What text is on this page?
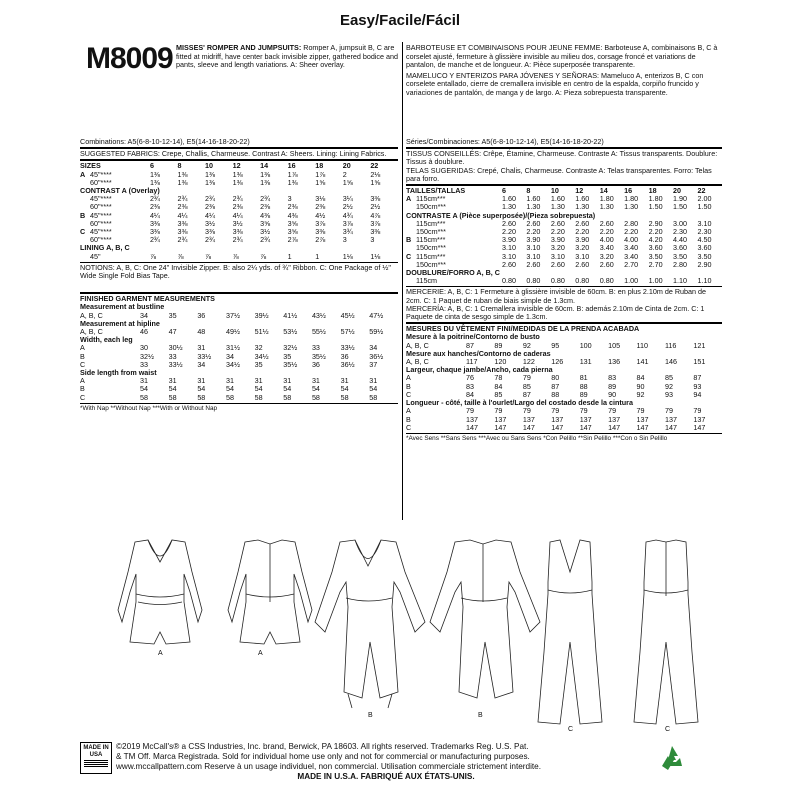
Easy/Facile/Fácil
M8009 MISSES' ROMPER AND JUMPSUITS: Romper A, jumpsuit B, C are fitted at midriff, have center back invisible zipper, gathered bodice and pants, sleeve and length variations. A: Sheer overlay.
BARBOTEUSE ET COMBINAISONS POUR JEUNE FEMME: Barboteuse A, combinaisons B, C à corselet ajusté, fermeture à glissière invisible au milieu dos, corsage froncé et variations de pantalon, de manche et de longueur. A: Pièce superposée transparente.
MAMELUCO Y ENTERIZOS PARA JÓVENES Y SEÑORAS: Mameluco A, enterizos B, C con corselete entallado, cierre de cremallera invisible en centro de la espalda, corpiño fruncido y variaciones de pantalón, de manga y de largo. A: Pieza sobrepuesta transparente.
Combinations: A5(6-8-10-12-14), E5(14-16-18-20-22)
SUGGESTED FABRICS: Crepe, Challis, Charmeuse. Contrast A: Sheers. Lining: Lining Fabrics.
SIZES		6	8	10	12	14	16	18	20	22
A	45"****	1⅜	1⅜	1⅜	1⅜	1⅜	1⅞	1⅞	2	2⅛
	60"****	1⅜	1⅜	1⅜	1⅜	1⅜	1⅜	1⅝	1⅝	1⅝
CONTRAST A (Overlay)										
	45"****	2¾	2¾	2¾	2¾	2¾	3	3⅛	3¼	3⅜
	60"****	2⅜	2⅜	2⅜	2⅜	2⅜	2⅜	2⅜	2½	2½
B	45"****	4¼	4¼	4¼	4¼	4⅜	4⅜	4½	4¾	4⅞
	60"****	3⅜	3⅜	3½	3½	3⅝	3⅝	3⅞	3⅞	3⅞
C	45"****	3⅜	3⅜	3⅜	3⅜	3½	3⅝	3⅜	3¾	3⅜
	60"****	2¾	2¾	2¾	2¾	2¾	2⅞	2⅞	3	3
LINING A, B, C										
	45"	⅞	⅞	⅞	⅞	⅞	1	1	1⅛	1⅛
NOTIONS: A, B, C: One 24" Invisible Zipper. B: also 2¼ yds. of ¾" Ribbon. C: One Package of ½" Wide Single Fold Bias Tape.
FINISHED GARMENT MEASUREMENTS
Measurement at bustline									
A, B, C	34	35	36	37½	39½	41½	43½	45½	47½
Measurement at hipline									
A, B, C	46	47	48	49½	51½	53½	55½	57½	59½
Width, each leg									
A	30	30½	31	31½	32	32½	33	33½	34
B	32½	33	33½	34	34½	35	35½	36	36½
C	33	33½	34	34½	35	35½	36	36½	37
Side length from waist									
A	31	31	31	31	31	31	31	31	31
B	54	54	54	54	54	54	54	54	54
C	58	58	58	58	58	58	58	58	58
*With Nap **Without Nap ***With or Without Nap
Séries/Combinaciones: A5(6-8-10-12-14), E5(14-16-18-20-22)
TISSUS CONSEILLÉS: Crêpe, Étamine, Charmeuse. Contraste A: Tissus transparents. Doublure: Tissus à doublure.
TELAS SUGERIDAS: Crepé, Chalis, Charmeuse. Contraste A: Telas transparentes. Forro: Telas para forro.
TAILLES/TALLAS		6	8	10	12	14	16	18	20	22
A	115cm***	1.60	1.60	1.60	1.60	1.80	1.80	1.80	1.90	2.00
	150cm***	1.30	1.30	1.30	1.30	1.30	1.30	1.50	1.50	1.50
CONTRASTE A (Pièce superposée)/(Pieza sobrepuesta)										
	115cm***	2.60	2.60	2.60	2.60	2.60	2.80	2.90	3.00	3.10
	150cm***	2.20	2.20	2.20	2.20	2.20	2.20	2.20	2.30	2.30
B	115cm***	3.90	3.90	3.90	3.90	4.00	4.00	4.20	4.40	4.50
	150cm***	3.10	3.10	3.20	3.20	3.40	3.40	3.60	3.60	3.60
C	115cm***	3.10	3.10	3.10	3.10	3.20	3.40	3.50	3.50	3.50
	150cm***	2.60	2.60	2.60	2.60	2.60	2.70	2.70	2.80	2.90
DOUBLURE/FORRO A, B, C										
	115cm	0.80	0.80	0.80	0.80	0.80	1.00	1.00	1.10	1.10
MERCERIE: A, B, C: 1 Fermeture à glissière invisible de 60cm. B: en plus 2.10m de Ruban de 2cm. C: 1 Paquet de ruban de biais simple de 1.3cm.
MERCERÍA: A, B, C: 1 Cremallera invisible de 60cm. B: además 2.10m de Cinta de 2cm. C: 1 Paquete de cinta de sesgo simple de 1.3cm.
MESURES DU VÊTEMENT FINI/MEDIDAS DE LA PRENDA ACABADA
Mesure à la poitrine/Contorno de busto									
A, B, C	87	89	92	95	100	105	110	116	121
Mesure aux hanches/Contorno de caderas									
A, B, C	117	120	122	126	131	136	141	146	151
Largeur, chaque jambe/Ancho, cada pierna									
A	76	78	79	80	81	83	84	85	87
B	83	84	85	87	88	89	90	92	93
C	84	85	87	88	89	90	92	93	94
Longueur - côté, taille à l'ourlet/Largo del costado desde la cintura									
A	79	79	79	79	79	79	79	79	79
B	137	137	137	137	137	137	137	137	137
C	147	147	147	147	147	147	147	147	147
*Avec Sens **Sans Sens ***Avec ou Sans Sens *Con Pelillo **Sin Pelillo ***Con o Sin Pelillo
A	A
B	B
C	C
MADE IN USA
©2019 McCall's® a CSS Industries, Inc. brand, Berwick, PA 18603. All rights reserved. Trademarks Reg. U.S. Pat.
& TM Off. Marca Registrada. Sold for individual home use only and not for commercial or manufacturing purposes.
www.mccallpattern.com Reserve à un usage individuel, non commercial. Utilisation commerciale strictement interdite.
MADE IN U.S.A. FABRIQUÉ AUX ÉTATS-UNIS.
